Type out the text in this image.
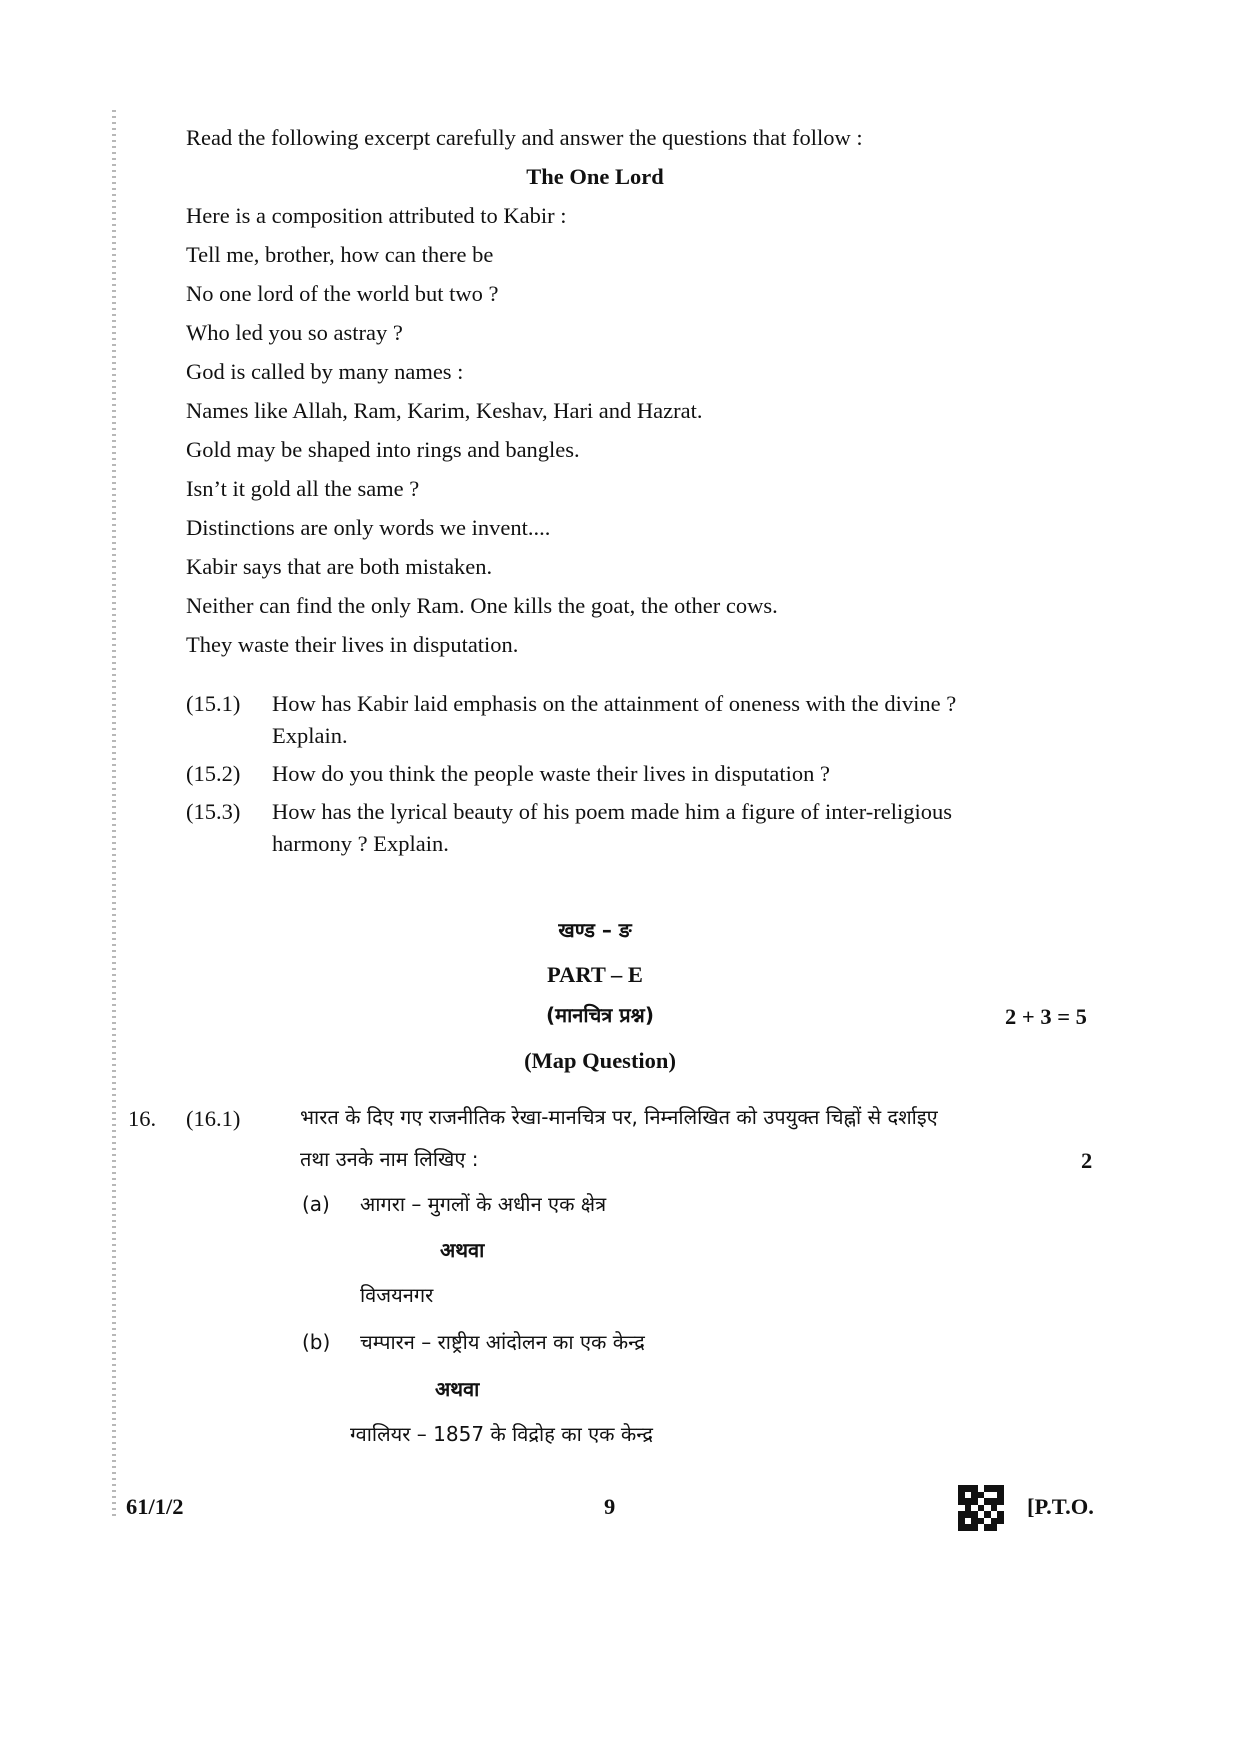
Read the following excerpt carefully and answer the questions that follow :
The One Lord
Here is a composition attributed to Kabir :
Tell me, brother, how can there be
No one lord of the world but two ?
Who led you so astray ?
God is called by many names :
Names like Allah, Ram, Karim, Keshav, Hari and Hazrat.
Gold may be shaped into rings and bangles.
Isn’t it gold all the same ?
Distinctions are only words we invent....
Kabir says that are both mistaken.
Neither can find the only Ram. One kills the goat, the other cows.
They waste their lives in disputation.
(15.1) How has Kabir laid emphasis on the attainment of oneness with the divine ?
Explain.
(15.2) How do you think the people waste their lives in disputation ?
(15.3) How has the lyrical beauty of his poem made him a figure of inter-religious
harmony ? Explain.
खण्ड – ङ
PART – E
(मानचित्र प्रश्न)	2 + 3 = 5
(Map Question)
16. (16.1)	भारत के दिए गए राजनीतिक रेखा-मानचित्र पर, निम्नलिखित को उपयुक्त चिह्नों से दर्शाइए
तथा उनके नाम लिखिए :	2
(a) आगरा – मुगलों के अधीन एक क्षेत्र
अथवा
विजयनगर
(b) चम्पारन – राष्ट्रीय आंदोलन का एक केन्द्र
अथवा
ग्वालियर – 1857 के विद्रोह का एक केन्द्र
61/1/2	9	[P.T.O.
